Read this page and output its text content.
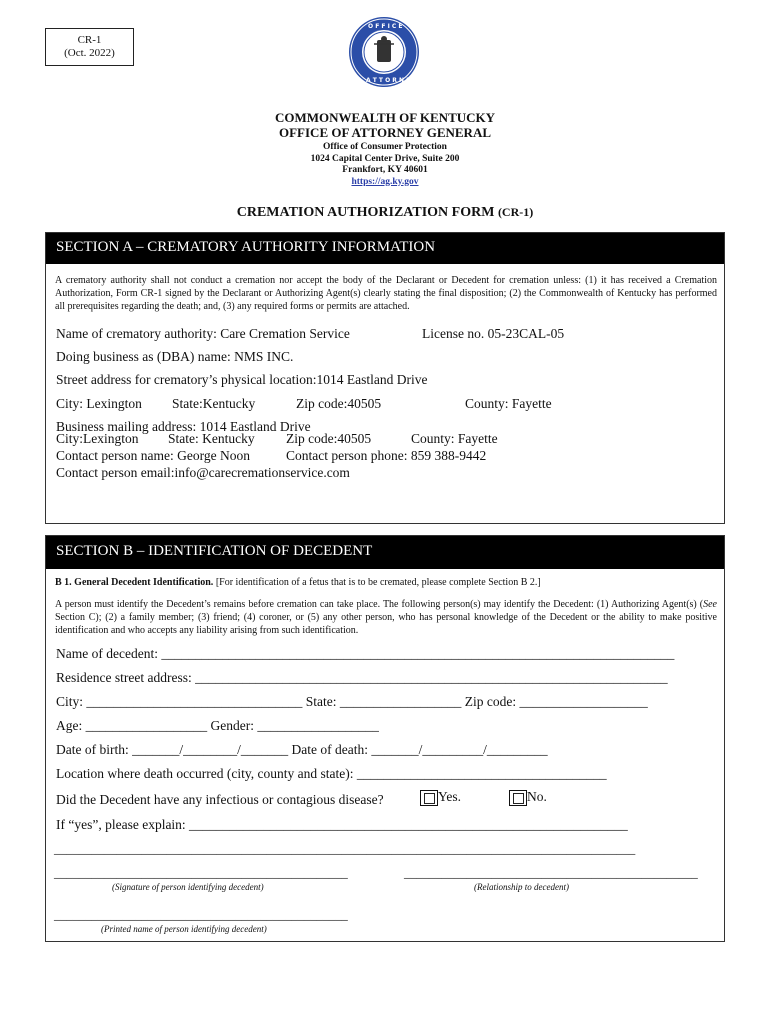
CR-1
(Oct. 2022)
O F F I C E
A T T O R N E Y
COMMONWEALTH OF KENTUCKY
OFFICE OF ATTORNEY GENERAL
Office of Consumer Protection
1024 Capital Center Drive, Suite 200
Frankfort, KY 40601
https://ag.ky.gov
CREMATION AUTHORIZATION FORM (CR-1)
SECTION A – CREMATORY AUTHORITY INFORMATION
A crematory authority shall not conduct a cremation nor accept the body of the Declarant or Decedent for cremation unless: (1) it has received a Cremation Authorization, Form CR-1 signed by the Declarant or Authorizing Agent(s) clearly stating the final disposition; (2) the Commonwealth of Kentucky has performed all prerequisites regarding the death; and, (3) any required forms or permits are attached.
Name of crematory authority: Care Cremation Service	License no. 05-23CAL-05
Doing business as (DBA) name: NMS INC.
Street address for crematory’s physical location:1014 Eastland Drive
City: Lexington State:Kentucky	Zip code:40505	County: Fayette
Business mailing address: 1014 Eastland Drive
City:Lexington State: Kentucky Zip code:40505	County: Fayette
Contact person name: George Noon	Contact person phone: 859 388-9442
Contact person email:info@carecremationservice.com
SECTION B – IDENTIFICATION OF DECEDENT
B 1. General Decedent Identification. [For identification of a fetus that is to be cremated, please complete Section B 2.]
A person must identify the Decedent’s remains before cremation can take place. The following person(s) may identify the Decedent: (1) Authorizing Agent(s) (See Section C); (2) a family member; (3) friend; (4) coroner, or (5) any other person, who has personal knowledge of the Decedent or the ability to make positive identification and who accepts any liability arising from such identification.
Name of decedent: ____________________________________________________________________________
Residence street address: ______________________________________________________________________
City: ________________________________ State: __________________ Zip code: ___________________
Age: __________________ Gender: __________________
Date of birth: _______/________/_______ Date of death: _______/_________/_________
Location where death occurred (city, county and state): _____________________________________
Did the Decedent have any infectious or contagious disease?	Yes.	No.
If “yes”, please explain: _________________________________________________________________
_____________________________________________________________________________________________
_______________________________________________	_______________________________________________
(Signature of person identifying decedent)	(Relationship to decedent)
_______________________________________________
(Printed name of person identifying decedent)
